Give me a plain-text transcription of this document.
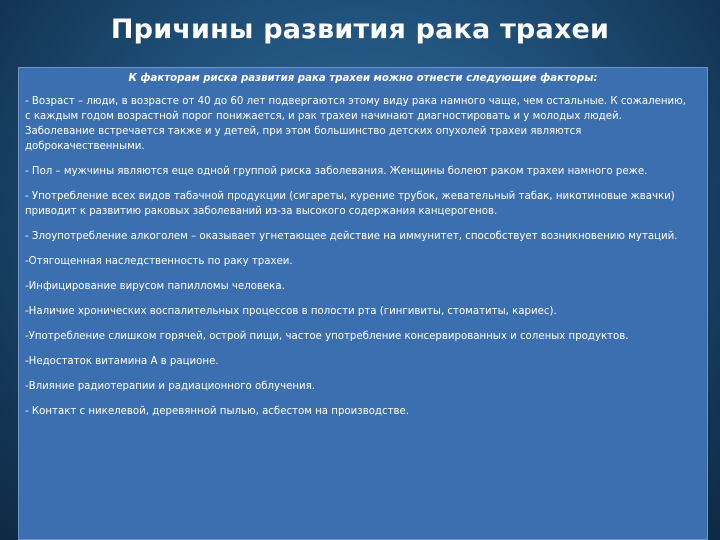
Причины развития рака трахеи
К факторам риска развития рака трахеи можно отнести следующие факторы:
- Возраст – люди, в возрасте от 40 до 60 лет подвергаются этому виду рака намного чаще, чем остальные. К сожалению,
с каждым годом возрастной порог понижается, и рак трахеи начинают диагностировать и у молодых людей.
Заболевание встречается также и у детей, при этом большинство детских опухолей трахеи являются
доброкачественными.
- Пол – мужчины являются еще одной группой риска заболевания. Женщины болеют раком трахеи намного реже.
- Употребление всех видов табачной продукции (сигареты, курение трубок, жевательный табак, никотиновые жвачки)
приводит к развитию раковых заболеваний из-за высокого содержания канцерогенов.
- Злоупотребление алкоголем – оказывает угнетающее действие на иммунитет, способствует возникновению мутаций.
-Отягощенная наследственность по раку трахеи.
-Инфицирование вирусом папилломы человека.
-Наличие хронических воспалительных процессов в полости рта (гингивиты, стоматиты, кариес).
-Употребление слишком горячей, острой пищи, частое употребление консервированных и соленых продуктов.
-Недостаток витамина А в рационе.
-Влияние радиотерапии и радиационного облучения.
- Контакт с никелевой, деревянной пылью, асбестом на производстве.
